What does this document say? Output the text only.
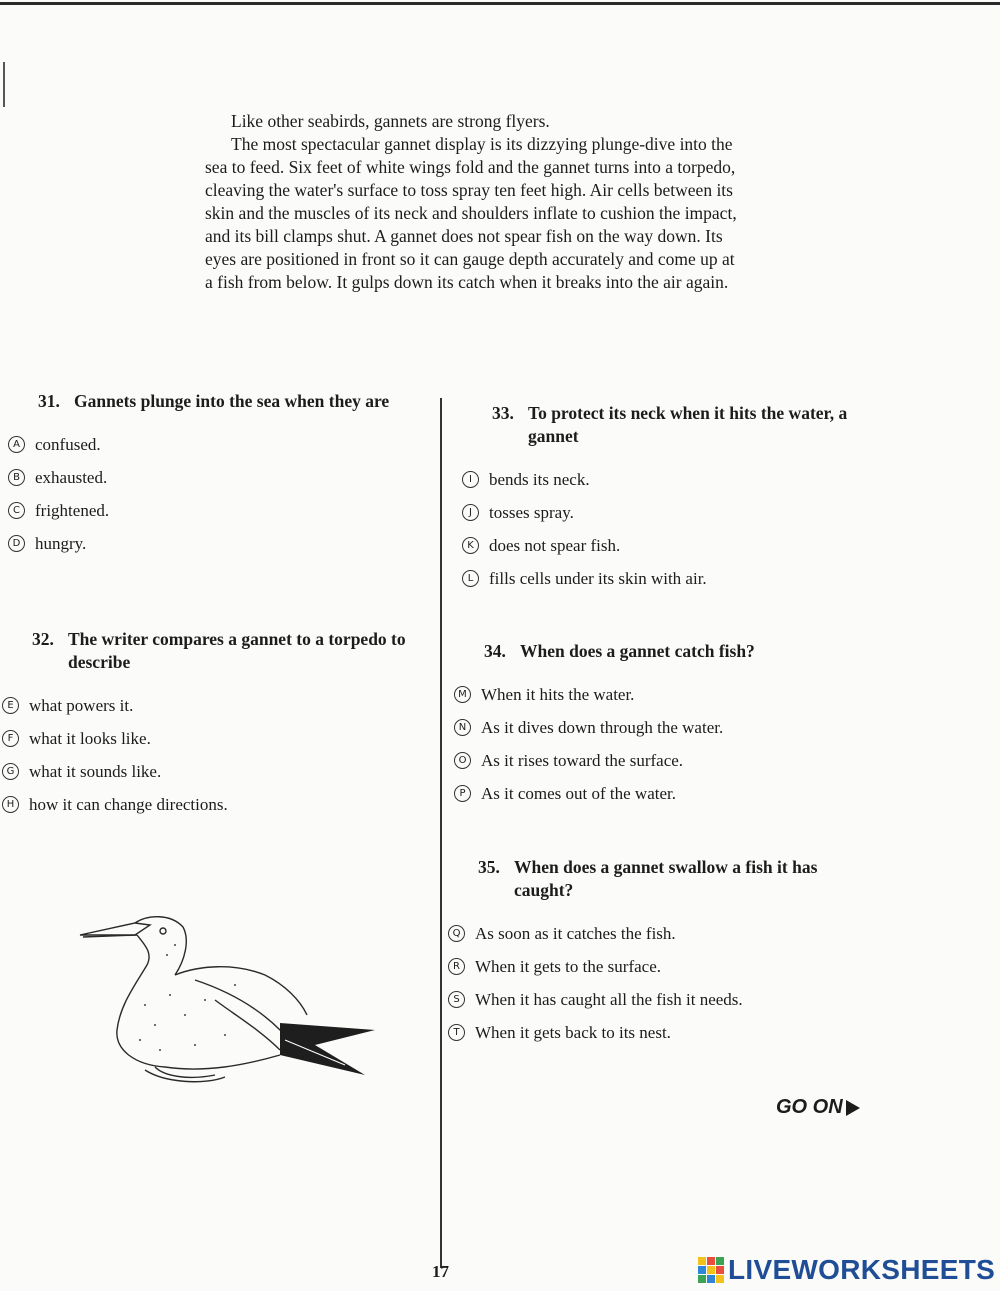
Like other seabirds, gannets are strong flyers.

The most spectacular gannet display is its dizzying plunge-dive into the sea to feed. Six feet of white wings fold and the gannet turns into a torpedo, cleaving the water's surface to toss spray ten feet high. Air cells between its skin and the muscles of its neck and shoulders inflate to cushion the impact, and its bill clamps shut. A gannet does not spear fish on the way down. Its eyes are positioned in front so it can gauge depth accurately and come up at a fish from below. It gulps down its catch when it breaks into the air again.

31. Gannets plunge into the sea when they are
A confused.
B exhausted.
C frightened.
D hungry.
32. The writer compares a gannet to a torpedo to describe
E what powers it.
F what it looks like.
G what it sounds like.
H how it can change directions.
33. To protect its neck when it hits the water, a gannet
I	bends its neck.
J	tosses spray.
K does not spear fish.
L fills cells under its skin with air.
34. When does a gannet catch fish?
M When it hits the water.
N As it dives down through the water.
O As it rises toward the surface.
P As it comes out of the water.
35. When does a gannet swallow a fish it has caught?
Q As soon as it catches the fish.
R When it gets to the surface.
S When it has caught all the fish it needs.
T When it gets back to its nest.
GO ON
17	LIVEWORKSHEETS
